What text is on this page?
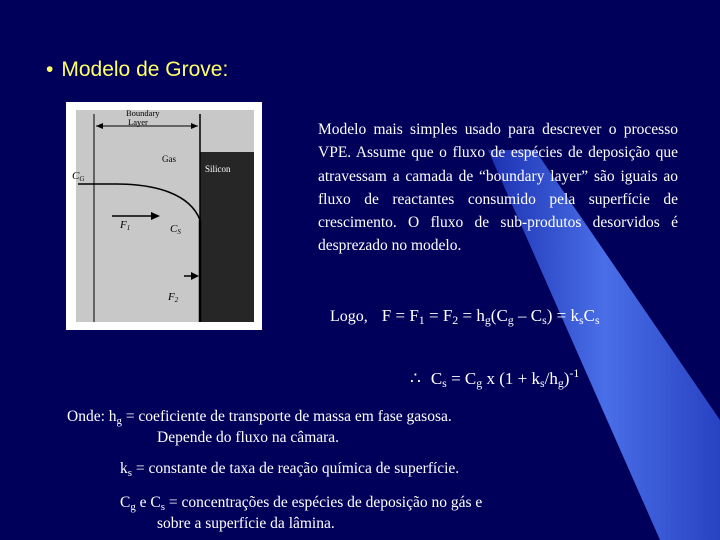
• Modelo de Grove:
Boundary
Layer
Gas
Silicon
CG
F1	CS
F2
Modelo mais simples usado para descrever o processo VPE. Assume que o fluxo de espécies de deposição que atravessam a camada de “boundary layer” são iguais ao fluxo de reactantes consumido pela superfície de crescimento. O fluxo de sub-produtos desorvidos é desprezado no modelo.
Logo, $F = F_1 = F_2 = h_g(C_g - C_s) = k_sC_s$
∴ $C_s = C_g$ x $(1 + k_s/h_g)^{-1}$
Onde: $h_g$ = coeficiente de transporte de massa em fase gasosa.
Depende do fluxo na câmara.
$k_s$ = constante de taxa de reação química de superfície.
$C_g$ e $C_s$ = concentrações de espécies de deposição no gás e
sobre a superfície da lâmina.
